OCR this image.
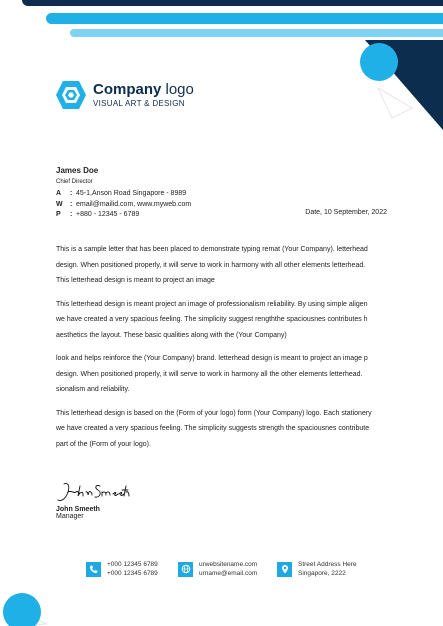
Company logo
VISUAL ART & DESIGN
James Doe
Chief Director
A	: 45-1,Anson Road Singapore - 8989
W	: email@mailid.com, www.myweb.com
P	: +880 - 12345 - 6789	Date, 10 September, 2022

This is a sample letter that has been placed to demonstrate typing remat (Your Company). letterhead
design. When positioned properly, it will serve to work in harmony with all other elements letterhead.
This letterhead design is meant to project an image

This letterhead design is meant project an image of professionalism reliability. By using simple aligen
we have created a very spacious feeling. The simplicity suggest rengththe spaciousnes contributes h
aesthetics the layout. These basic qualities along with the (Your Company)

look and helps reinforce the (Your Company) brand. letterhead design is meant to project an image p
design. When positioned properly, it will serve to work in harmony all the other elements letterhead.
sionalism and reliability.

This letterhead design is based on the (Form of your logo) form (Your Company) logo. Each stationery
we have created a very spacious feeling. The simplicity suggests strength the spaciousnes contribute
part of the (Form of your logo).

John Smeeth
Manager
+000 12345 6789
+000 12345 6789
urwebsitename.com
urname@email.com
Street Address Here
Singapore, 2222
